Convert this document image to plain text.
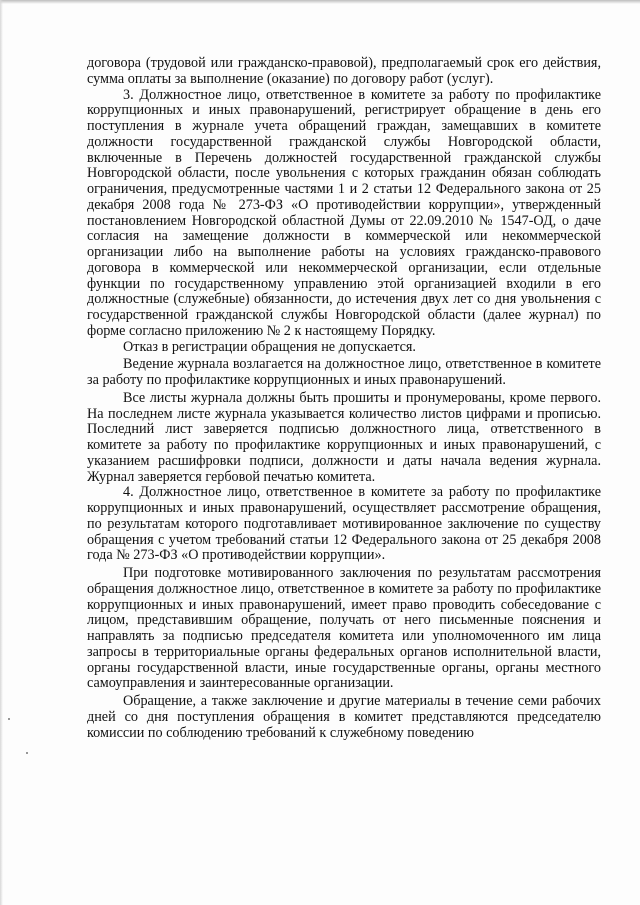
договора (трудовой или гражданско-правовой), предполагаемый срок его действия, сумма оплаты за выполнение (оказание) по договору работ (услуг).

3. Должностное лицо, ответственное в комитете за работу по профилактике коррупционных и иных правонарушений, регистрирует обращение в день его поступления в журнале учета обращений граждан, замещавших в комитете должности государственной гражданской службы Новгородской области, включенные в Перечень должностей государственной гражданской службы Новгородской области, после увольнения с которых гражданин обязан соблюдать ограничения, предусмотренные частями 1 и 2 статьи 12 Федерального закона от 25 декабря 2008 года № 273-ФЗ «О противодействии коррупции», утвержденный постановлением Новгородской областной Думы от 22.09.2010 № 1547-ОД, о даче согласия на замещение должности в коммерческой или некоммерческой организации либо на выполнение работы на условиях гражданско-правового договора в коммерческой или некоммерческой организации, если отдельные функции по государственному управлению этой организацией входили в его должностные (служебные) обязанности, до истечения двух лет со дня увольнения с государственной гражданской службы Новгородской области (далее журнал) по форме согласно приложению № 2 к настоящему Порядку.

Отказ в регистрации обращения не допускается.

Ведение журнала возлагается на должностное лицо, ответственное в комитете за работу по профилактике коррупционных и иных правонарушений.

Все листы журнала должны быть прошиты и пронумерованы, кроме первого. На последнем листе журнала указывается количество листов цифрами и прописью. Последний лист заверяется подписью должностного лица, ответственного в комитете за работу по профилактике коррупционных и иных правонарушений, с указанием расшифровки подписи, должности и даты начала ведения журнала. Журнал заверяется гербовой печатью комитета.

4. Должностное лицо, ответственное в комитете за работу по профилактике коррупционных и иных правонарушений, осуществляет рассмотрение обращения, по результатам которого подготавливает мотивированное заключение по существу обращения с учетом требований статьи 12 Федерального закона от 25 декабря 2008 года № 273-ФЗ «О противодействии коррупции».

При подготовке мотивированного заключения по результатам рассмотрения обращения должностное лицо, ответственное в комитете за работу по профилактике коррупционных и иных правонарушений, имеет право проводить собеседование с лицом, представившим обращение, получать от него письменные пояснения и направлять за подписью председателя комитета или уполномоченного им лица запросы в территориальные органы федеральных органов исполнительной власти, органы государственной власти, иные государственные органы, органы местного самоуправления и заинтересованные организации.

Обращение, а также заключение и другие материалы в течение семи рабочих дней со дня поступления обращения в комитет представляются председателю комиссии по соблюдению требований к служебному поведению
